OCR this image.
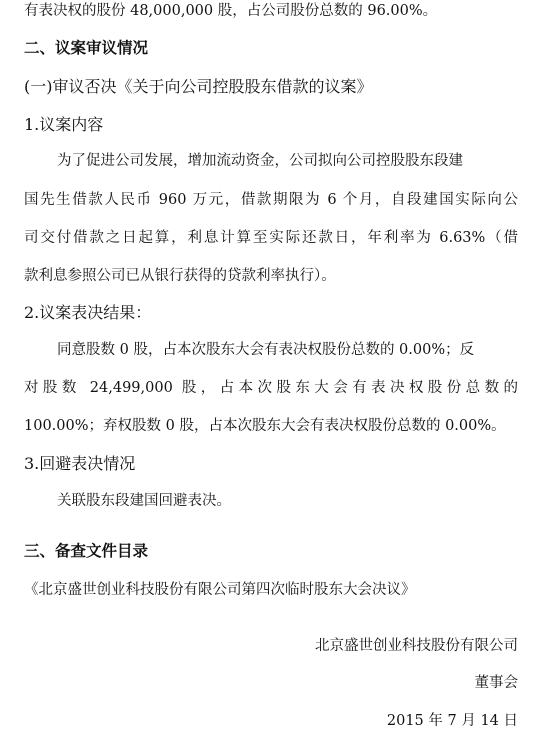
有表决权的股份 48,000,000 股，占公司股份总数的 96.00%。
二、议案审议情况
(一)审议否决《关于向公司控股股东借款的议案》
1.议案内容
为了促进公司发展，增加流动资金，公司拟向公司控股股东段建
国先生借款人民币 960 万元，借款期限为 6 个月，自段建国实际向公
司交付借款之日起算，利息计算至实际还款日，年利率为 6.63%（借
款利息参照公司已从银行获得的贷款利率执行）。
2.议案表决结果：
同意股数 0 股，占本次股东大会有表决权股份总数的 0.00%；反
对股数 24,499,000 股，占本次股东大会有表决权股份总数的
100.00%；弃权股数 0 股，占本次股东大会有表决权股份总数的 0.00%。
3.回避表决情况
关联股东段建国回避表决。
三、备查文件目录
《北京盛世创业科技股份有限公司第四次临时股东大会决议》
北京盛世创业科技股份有限公司
董事会
2015 年 7 月 14 日
